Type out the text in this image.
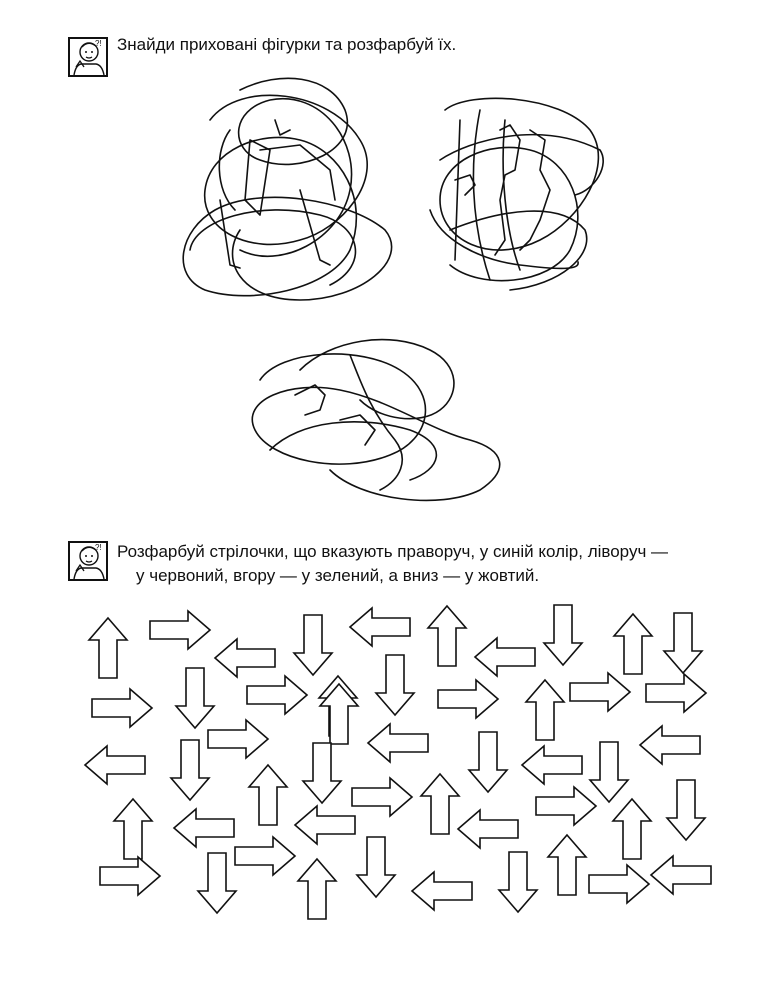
?! Знайди приховані фігурки та розфарбуй їх.
?! Розфарбуй стрілочки, що вказують праворуч, у синій колір, ліворуч —
у червоний, вгору — у зелений, а вниз — у жовтий.
